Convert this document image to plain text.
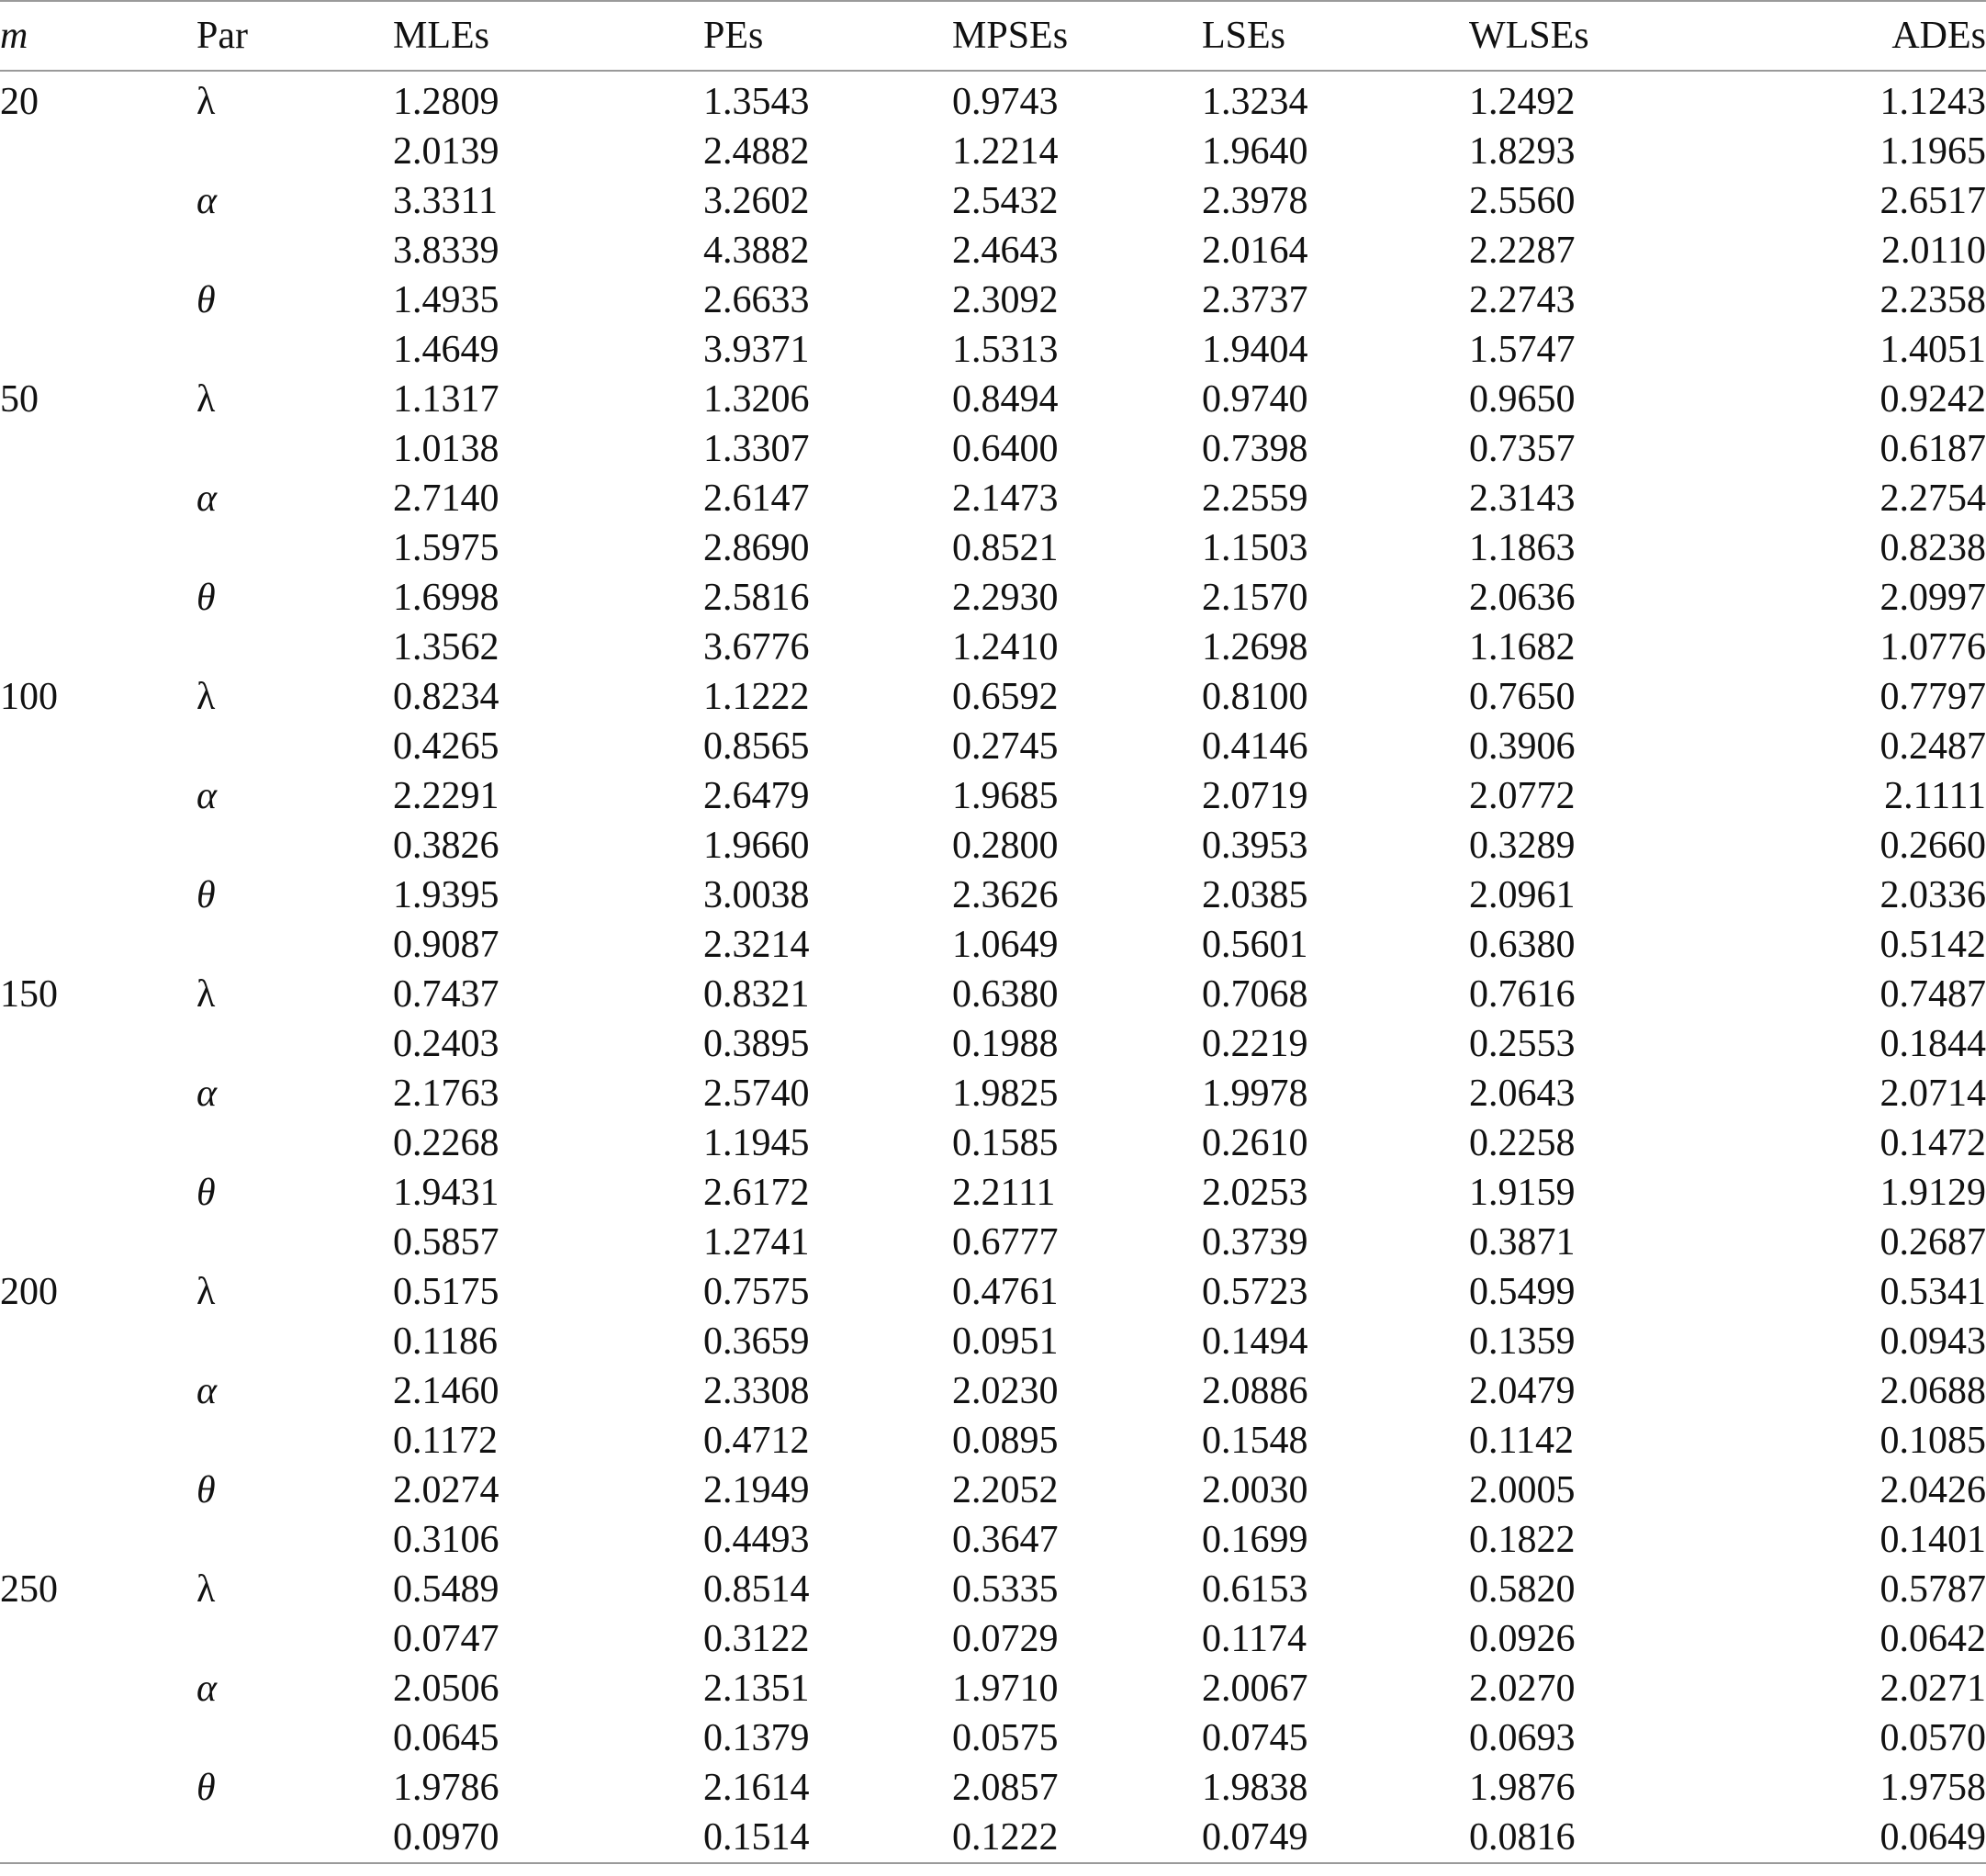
m	Par	MLEs	PEs	MPSEs	LSEs	WLSEs	ADEs
20	λ	1.2809	1.3543	0.9743	1.3234	1.2492	1.1243
		2.0139	2.4882	1.2214	1.9640	1.8293	1.1965
	α	3.3311	3.2602	2.5432	2.3978	2.5560	2.6517
		3.8339	4.3882	2.4643	2.0164	2.2287	2.0110
	θ	1.4935	2.6633	2.3092	2.3737	2.2743	2.2358
		1.4649	3.9371	1.5313	1.9404	1.5747	1.4051
50	λ	1.1317	1.3206	0.8494	0.9740	0.9650	0.9242
		1.0138	1.3307	0.6400	0.7398	0.7357	0.6187
	α	2.7140	2.6147	2.1473	2.2559	2.3143	2.2754
		1.5975	2.8690	0.8521	1.1503	1.1863	0.8238
	θ	1.6998	2.5816	2.2930	2.1570	2.0636	2.0997
		1.3562	3.6776	1.2410	1.2698	1.1682	1.0776
100	λ	0.8234	1.1222	0.6592	0.8100	0.7650	0.7797
		0.4265	0.8565	0.2745	0.4146	0.3906	0.2487
	α	2.2291	2.6479	1.9685	2.0719	2.0772	2.1111
		0.3826	1.9660	0.2800	0.3953	0.3289	0.2660
	θ	1.9395	3.0038	2.3626	2.0385	2.0961	2.0336
		0.9087	2.3214	1.0649	0.5601	0.6380	0.5142
150	λ	0.7437	0.8321	0.6380	0.7068	0.7616	0.7487
		0.2403	0.3895	0.1988	0.2219	0.2553	0.1844
	α	2.1763	2.5740	1.9825	1.9978	2.0643	2.0714
		0.2268	1.1945	0.1585	0.2610	0.2258	0.1472
	θ	1.9431	2.6172	2.2111	2.0253	1.9159	1.9129
		0.5857	1.2741	0.6777	0.3739	0.3871	0.2687
200	λ	0.5175	0.7575	0.4761	0.5723	0.5499	0.5341
		0.1186	0.3659	0.0951	0.1494	0.1359	0.0943
	α	2.1460	2.3308	2.0230	2.0886	2.0479	2.0688
		0.1172	0.4712	0.0895	0.1548	0.1142	0.1085
	θ	2.0274	2.1949	2.2052	2.0030	2.0005	2.0426
		0.3106	0.4493	0.3647	0.1699	0.1822	0.1401
250	λ	0.5489	0.8514	0.5335	0.6153	0.5820	0.5787
		0.0747	0.3122	0.0729	0.1174	0.0926	0.0642
	α	2.0506	2.1351	1.9710	2.0067	2.0270	2.0271
		0.0645	0.1379	0.0575	0.0745	0.0693	0.0570
	θ	1.9786	2.1614	2.0857	1.9838	1.9876	1.9758
		0.0970	0.1514	0.1222	0.0749	0.0816	0.0649
